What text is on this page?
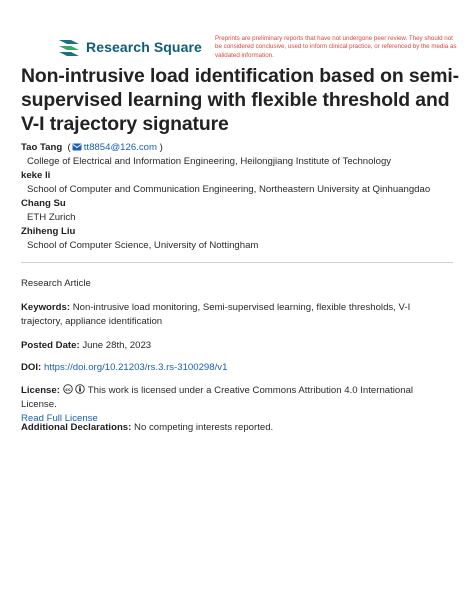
Research Square
Preprints are preliminary reports that have not undergone peer review. They should not be considered conclusive, used to inform clinical practice, or referenced by the media as validated information.
Non-intrusive load identification based on semi-supervised learning with flexible threshold and V-I trajectory signature
Tao Tang  ( tt8854@126.com )
College of Electrical and Information Engineering, Heilongjiang Institute of Technology
keke li
School of Computer and Communication Engineering, Northeastern University at Qinhuangdao
Chang Su
ETH Zurich
Zhiheng Liu
School of Computer Science, University of Nottingham
Research Article
Keywords: Non-intrusive load monitoring, Semi-supervised learning, flexible thresholds, V-I trajectory, appliance identification
Posted Date: June 28th, 2023
DOI: https://doi.org/10.21203/rs.3.rs-3100298/v1
License: cc This work is licensed under a Creative Commons Attribution 4.0 International License.
Read Full License
Additional Declarations: No competing interests reported.
